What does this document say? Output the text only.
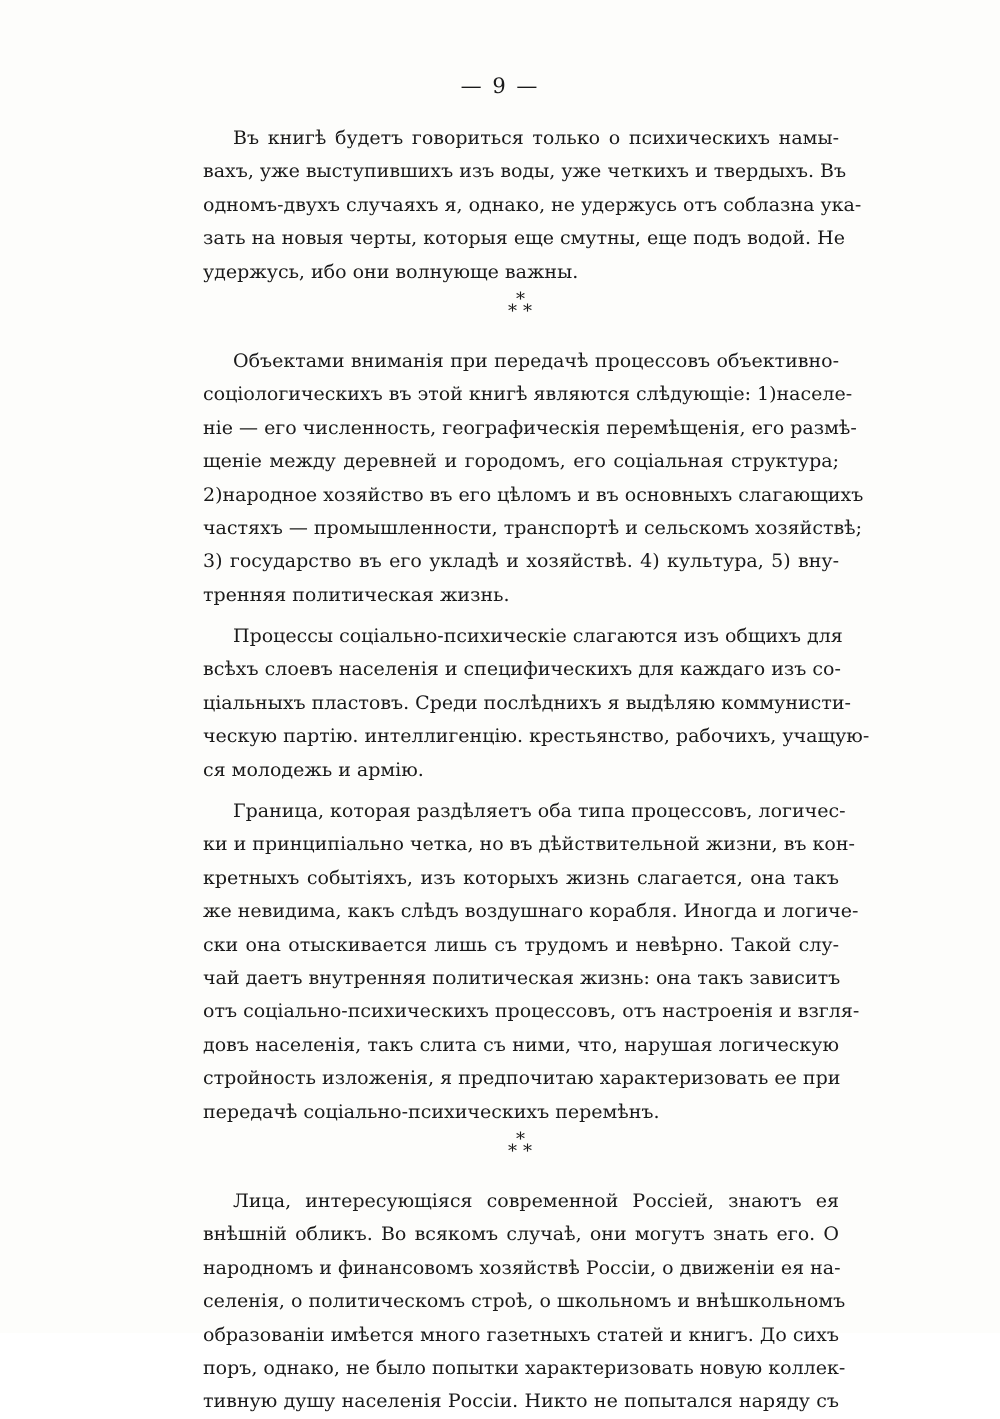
— 9 —
Въ книгѣ будетъ говориться только о психическихъ намы-
вахъ, уже выступившихъ изъ воды, уже четкихъ и твердыхъ. Въ
одномъ-двухъ случаяхъ я, однако, не удержусь отъ соблазна ука-
зать на новыя черты, которыя еще смутны, еще подъ водой. Не
удержусь, ибо они волнующе важны.
*
* *
Объектами вниманія при передачѣ процессовъ объективно-
соціологическихъ въ этой книгѣ являются слѣдующіе: 1)населе-
ніе — его численность, географическія перемѣщенія, его размѣ-
щеніе между деревней и городомъ, его соціальная структура;
2)народное хозяйство въ его цѣломъ и въ основныхъ слагающихъ
частяхъ — промышленности, транспортѣ и сельскомъ хозяйствѣ;
3) государство въ его укладѣ и хозяйствѣ. 4) культура, 5) вну-
тренняя политическая жизнь.
Процессы соціально-психическіе слагаются изъ общихъ для
всѣхъ слоевъ населенія и специфическихъ для каждаго изъ со-
ціальныхъ пластовъ. Среди послѣднихъ я выдѣляю коммунисти-
ческую партію. интеллигенцію. крестьянство, рабочихъ, учащую-
ся молодежь и армію.
Граница, которая раздѣляетъ оба типа процессовъ, логичес-
ки и принципіально четка, но въ дѣйствительной жизни, въ кон-
кретныхъ событіяхъ, изъ которыхъ жизнь слагается, она такъ
же невидима, какъ слѣдъ воздушнаго корабля. Иногда и логиче-
ски она отыскивается лишь съ трудомъ и невѣрно. Такой слу-
чай даетъ внутренняя политическая жизнь: она такъ зависитъ
отъ соціально-психическихъ процессовъ, отъ настроенія и взгля-
довъ населенія, такъ слита съ ними, что, нарушая логическую
стройность изложенія, я предпочитаю характеризовать ее при
передачѣ соціально-психическихъ перемѣнъ.
*
* *
Лица, интересующіяся современной Россіей, знаютъ ея
внѣшній обликъ. Во всякомъ случаѣ, они могутъ знать его. О
народномъ и финансовомъ хозяйствѣ Россіи, о движеніи ея на-
селенія, о политическомъ строѣ, о школьномъ и внѣшкольномъ
образованіи имѣется много газетныхъ статей и книгъ. До сихъ
поръ, однако, не было попытки характеризовать новую коллек-
тивную душу населенія Россіи. Никто не попытался наряду съ
